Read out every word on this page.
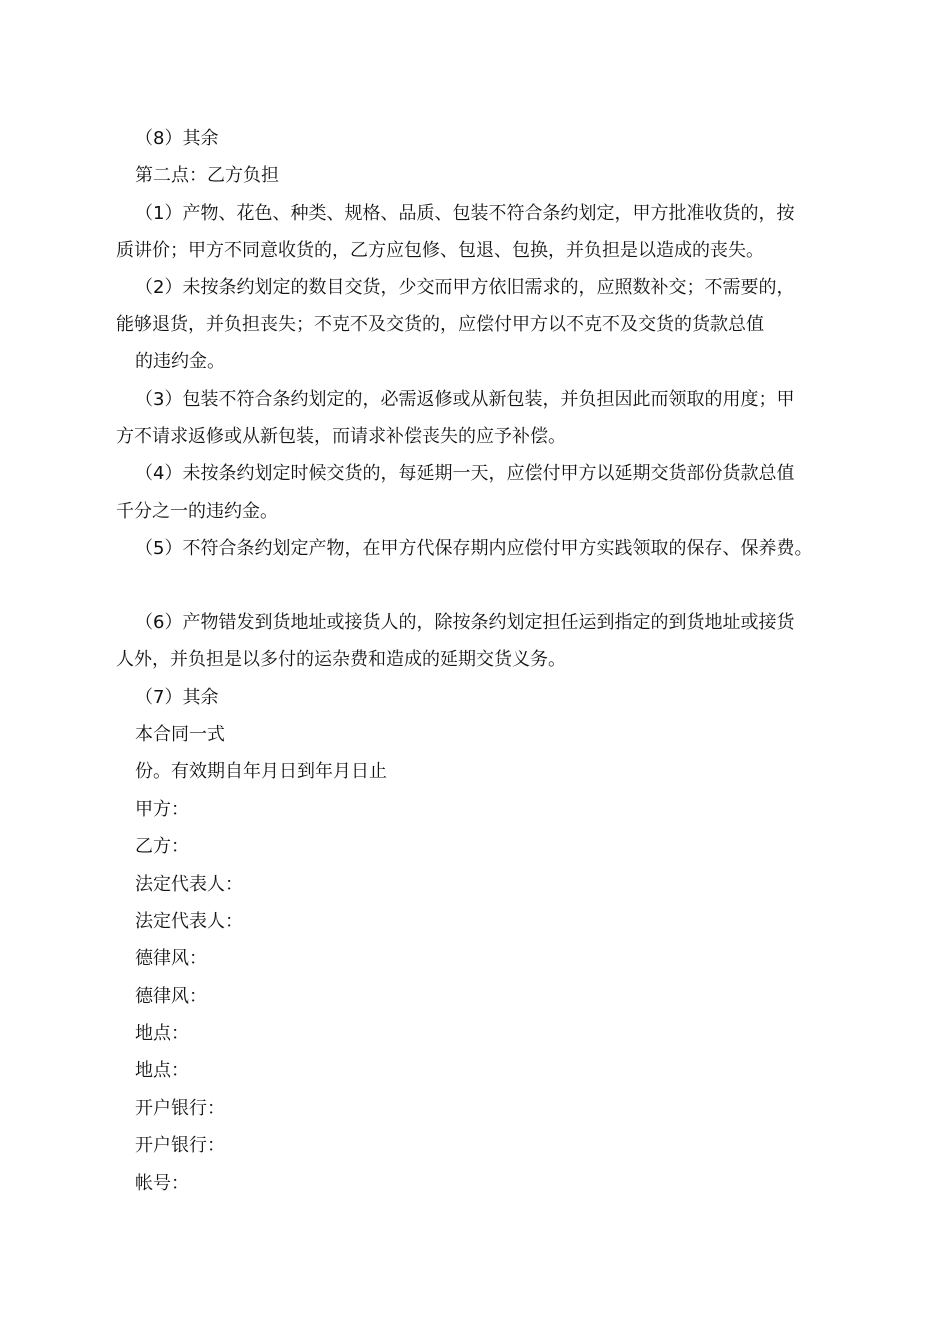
（8）其余
第二点：乙方负担
（1）产物、花色、种类、规格、品质、包装不符合条约划定，甲方批准收货的，按
质讲价；甲方不同意收货的，乙方应包修、包退、包换，并负担是以造成的丧失。
（2）未按条约划定的数目交货，少交而甲方依旧需求的，应照数补交；不需要的，
能够退货，并负担丧失；不克不及交货的，应偿付甲方以不克不及交货的货款总值
的违约金。
（3）包装不符合条约划定的，必需返修或从新包装，并负担因此而领取的用度；甲
方不请求返修或从新包装，而请求补偿丧失的应予补偿。
（4）未按条约划定时候交货的，每延期一天，应偿付甲方以延期交货部份货款总值
千分之一的违约金。
（5）不符合条约划定产物，在甲方代保存期内应偿付甲方实践领取的保存、保养费。
（6）产物错发到货地址或接货人的，除按条约划定担任运到指定的到货地址或接货
人外，并负担是以多付的运杂费和造成的延期交货义务。
（7）其余
本合同一式
份。有效期自年月日到年月日止
甲方：
乙方：
法定代表人：
法定代表人：
德律风：
德律风：
地点：
地点：
开户银行：
开户银行：
帐号：
